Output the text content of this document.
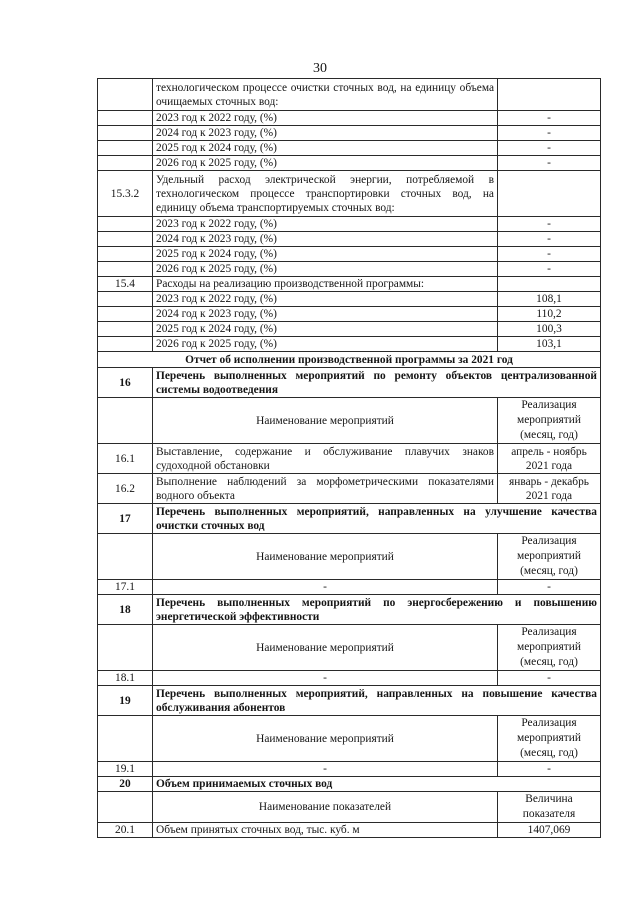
30
	технологическом процессе очистки сточных вод, на единицу объема очищаемых сточных вод:	
	2023 год к 2022 году, (%)	-
	2024 год к 2023 году, (%)	-
	2025 год к 2024 году, (%)	-
	2026 год к 2025 году, (%)	-
15.3.2	Удельный расход электрической энергии, потребляемой в технологическом процессе транспортировки сточных вод, на единицу объема транспортируемых сточных вод:	
	2023 год к 2022 году, (%)	-
	2024 год к 2023 году, (%)	-
	2025 год к 2024 году, (%)	-
	2026 год к 2025 году, (%)	-
15.4	Расходы на реализацию производственной программы:	
	2023 год к 2022 году, (%)	108,1
	2024 год к 2023 году, (%)	110,2
	2025 год к 2024 году, (%)	100,3
	2026 год к 2025 году, (%)	103,1
Отчет об исполнении производственной программы за 2021 год		
16	Перечень выполненных мероприятий по ремонту объектов централизованной системы водоотведения	
	Наименование мероприятий	Реализация мероприятий (месяц, год)
16.1	Выставление, содержание и обслуживание плавучих знаков судоходной обстановки	апрель - ноябрь 2021 года
16.2	Выполнение наблюдений за морфометрическими показателями водного объекта	январь - декабрь 2021 года
17	Перечень выполненных мероприятий, направленных на улучшение качества очистки сточных вод	
	Наименование мероприятий	Реализация мероприятий (месяц, год)
17.1	-	-
18	Перечень выполненных мероприятий по энергосбережению и повышению энергетической эффективности	
	Наименование мероприятий	Реализация мероприятий (месяц, год)
18.1	-	-
19	Перечень выполненных мероприятий, направленных на повышение качества обслуживания абонентов	
	Наименование мероприятий	Реализация мероприятий (месяц, год)
19.1	-	-
20	Объем принимаемых сточных вод	
	Наименование показателей	Величина показателя
20.1	Объем принятых сточных вод, тыс. куб. м	1407,069
